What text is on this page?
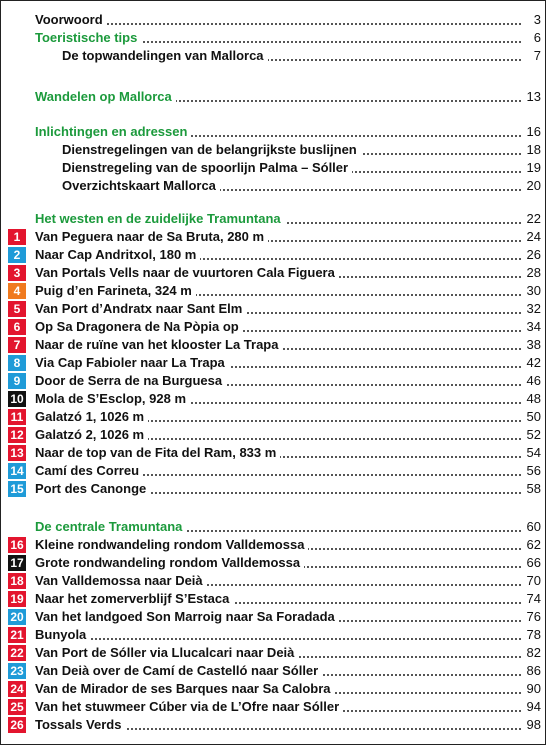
Voorwoord	3
Toeristische tips	6
De topwandelingen van Mallorca	7
Wandelen op Mallorca	13
Inlichtingen en adressen	16
Dienstregelingen van de belangrijkste buslijnen	18
Dienstregeling van de spoorlijn Palma – Sóller	19
Overzichtskaart Mallorca	20
Het westen en de zuidelijke Tramuntana	22
1	Van Peguera naar de Sa Bruta, 280 m	24
2	Naar Cap Andritxol, 180 m	26
3	Van Portals Vells naar de vuurtoren Cala Figuera	28
4	Puig d’en Farineta, 324 m	30
5	Van Port d’Andratx naar Sant Elm	32
6	Op Sa Dragonera de Na Pòpia op	34
7	Naar de ruïne van het klooster La Trapa	38
8	Via Cap Fabioler naar La Trapa	42
9	Door de Serra de na Burguesa	46
10 Mola de S’Esclop, 928 m	48
11 Galatzó 1, 1026 m	50
12 Galatzó 2, 1026 m	52
13 Naar de top van de Fita del Ram, 833 m	54
14 Camí des Correu	56
15 Port des Canonge	58
De centrale Tramuntana	60
16 Kleine rondwandeling rondom Valldemossa	62
17 Grote rondwandeling rondom Valldemossa	66
18 Van Valldemossa naar Deià	70
19 Naar het zomerverblijf S’Estaca	74
20 Van het landgoed Son Marroig naar Sa Foradada	76
21 Bunyola	78
22 Van Port de Sóller via Llucalcari naar Deià	82
23 Van Deià over de Camí de Castelló naar Sóller	86
24 Van de Mirador de ses Barques naar Sa Calobra	90
25 Van het stuwmeer Cúber via de L’Ofre naar Sóller	94
26 Tossals Verds	98
